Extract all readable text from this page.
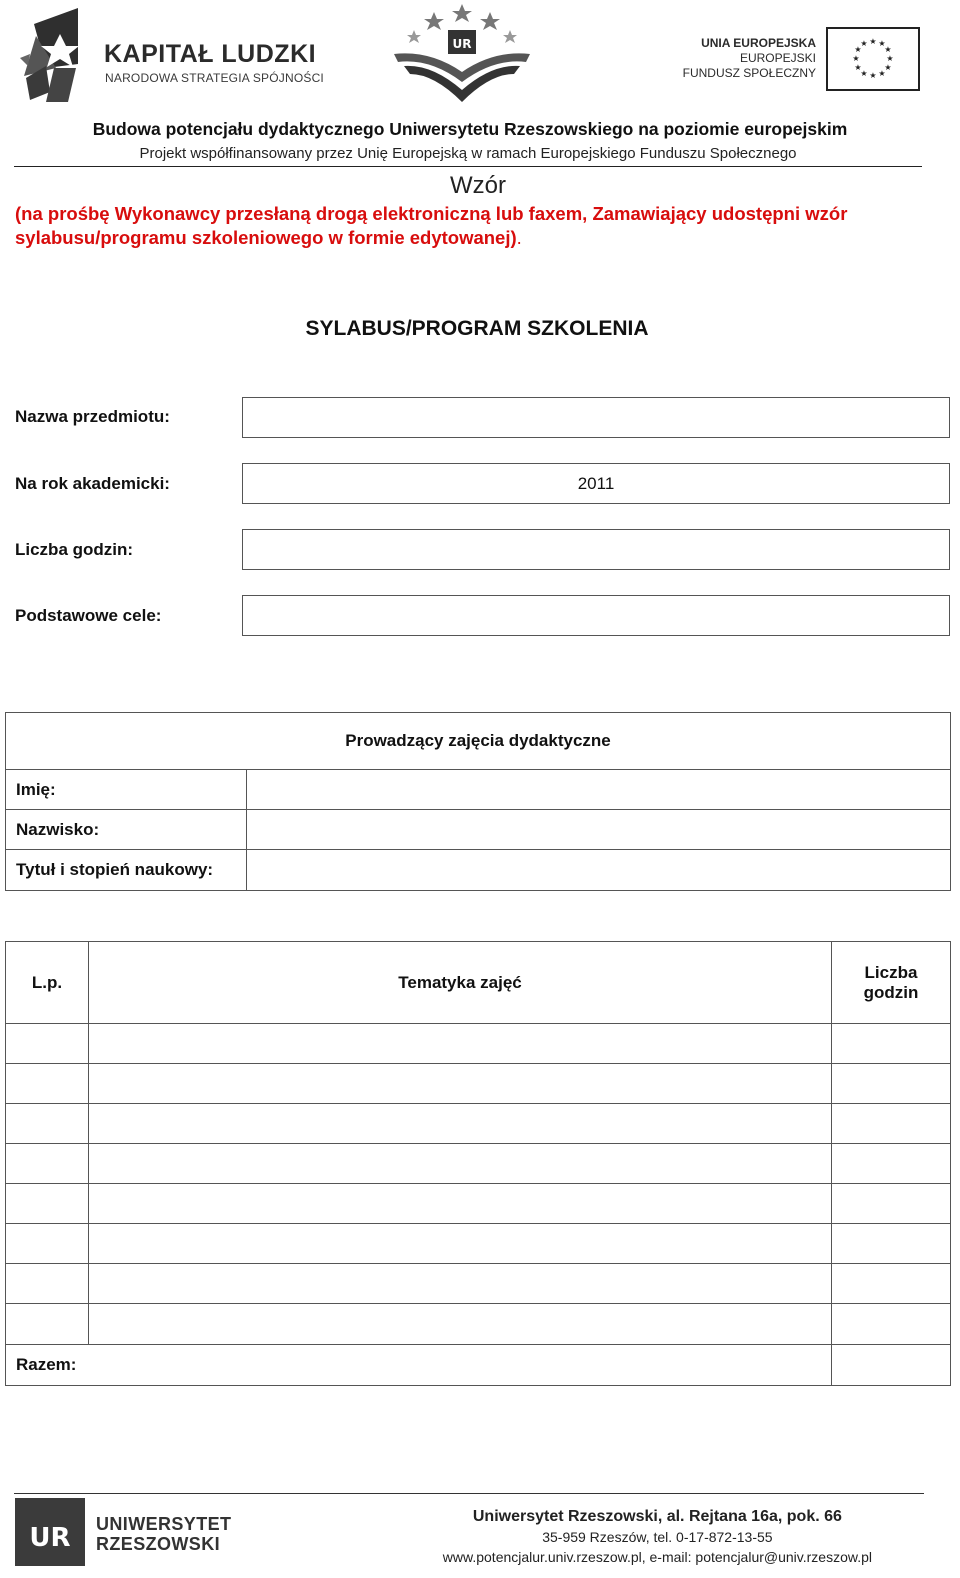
KAPITAŁ LUDZKI
NARODOWA STRATEGIA SPÓJNOŚCI
UR	UNIA EUROPEJSKA
EUROPEJSKI
FUNDUSZ SPOŁECZNY
★ ★
★
★
★
★
★
★
★
★
★
★
Budowa potencjału dydaktycznego Uniwersytetu Rzeszowskiego na poziomie europejskim
Projekt współfinansowany przez Unię Europejską w ramach Europejskiego Funduszu Społecznego
Wzór
(na prośbę Wykonawcy przesłaną drogą elektroniczną lub faxem, Zamawiający udostępni wzór sylabusu/programu szkoleniowego w formie edytowanej).
SYLABUS/PROGRAM SZKOLENIA
Nazwa przedmiotu:
Na rok akademicki:	2011
Liczba godzin:
Podstawowe cele:
Prowadzący zajęcia dydaktyczne	
Imię:	
Nazwisko:	
Tytuł i stopień naukowy:	
L.p.	Tematyka zajęć	Liczba
godzin

Razem:		
UR UNIWERSYTET
RZESZOWSKI
Uniwersytet Rzeszowski, al. Rejtana 16a, pok. 66
35-959 Rzeszów, tel. 0-17-872-13-55
www.potencjalur.univ.rzeszow.pl, e-mail: potencjalur@univ.rzeszow.pl
